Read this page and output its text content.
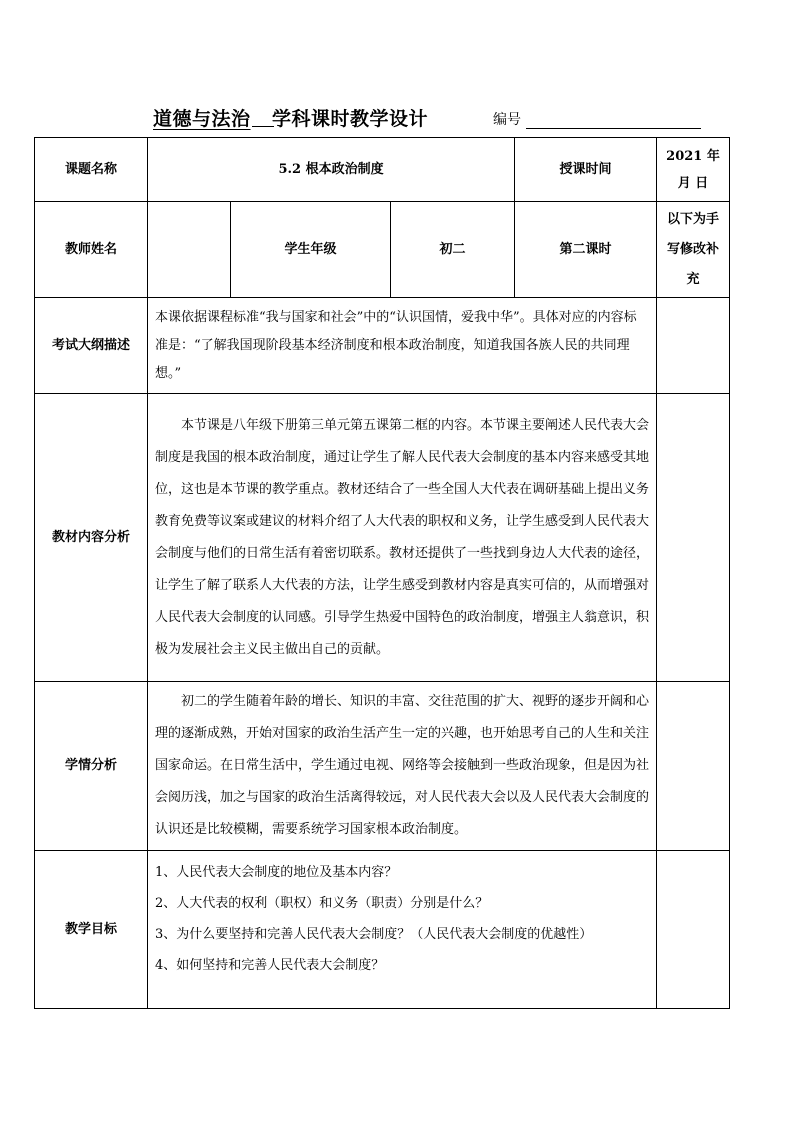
道德与法治 学科课时教学设计	编号
课题名称	5.2 根本政治制度			授课时间	2021 年
月 日

教师姓名		学生年级	初二	第二课时	以下为手
写修改补
充

考试大纲描述	本课依据课程标准“我与国家和社会”中的“认识国情，爱我中华”。具体对应的内容标准是：“了解我国现阶段基本经济制度和根本政治制度，知道我国各族人民的共同理想。”				
教材内容分析	本节课是八年级下册第三单元第五课第二框的内容。本节课主要阐述人民代表大会制度是我国的根本政治制度，通过让学生了解人民代表大会制度的基本内容来感受其地位，这也是本节课的教学重点。教材还结合了一些全国人大代表在调研基础上提出义务教育免费等议案或建议的材料介绍了人大代表的职权和义务，让学生感受到人民代表大会制度与他们的日常生活有着密切联系。教材还提供了一些找到身边人大代表的途径，让学生了解了联系人大代表的方法，让学生感受到教材内容是真实可信的，从而增强对人民代表大会制度的认同感。引导学生热爱中国特色的政治制度，增强主人翁意识，积极为发展社会主义民主做出自己的贡献。				
学情分析	初二的学生随着年龄的增长、知识的丰富、交往范围的扩大、视野的逐步开阔和心理的逐渐成熟，开始对国家的政治生活产生一定的兴趣，也开始思考自己的人生和关注国家命运。在日常生活中，学生通过电视、网络等会接触到一些政治现象，但是因为社会阅历浅，加之与国家的政治生活离得较远，对人民代表大会以及人民代表大会制度的认识还是比较模糊，需要系统学习国家根本政治制度。				
教学目标	1、人民代表大会制度的地位及基本内容？
2、人大代表的权利（职权）和义务（职责）分别是什么？
3、为什么要坚持和完善人民代表大会制度？（人民代表大会制度的优越性）
4、如何坚持和完善人民代表大会制度？				
